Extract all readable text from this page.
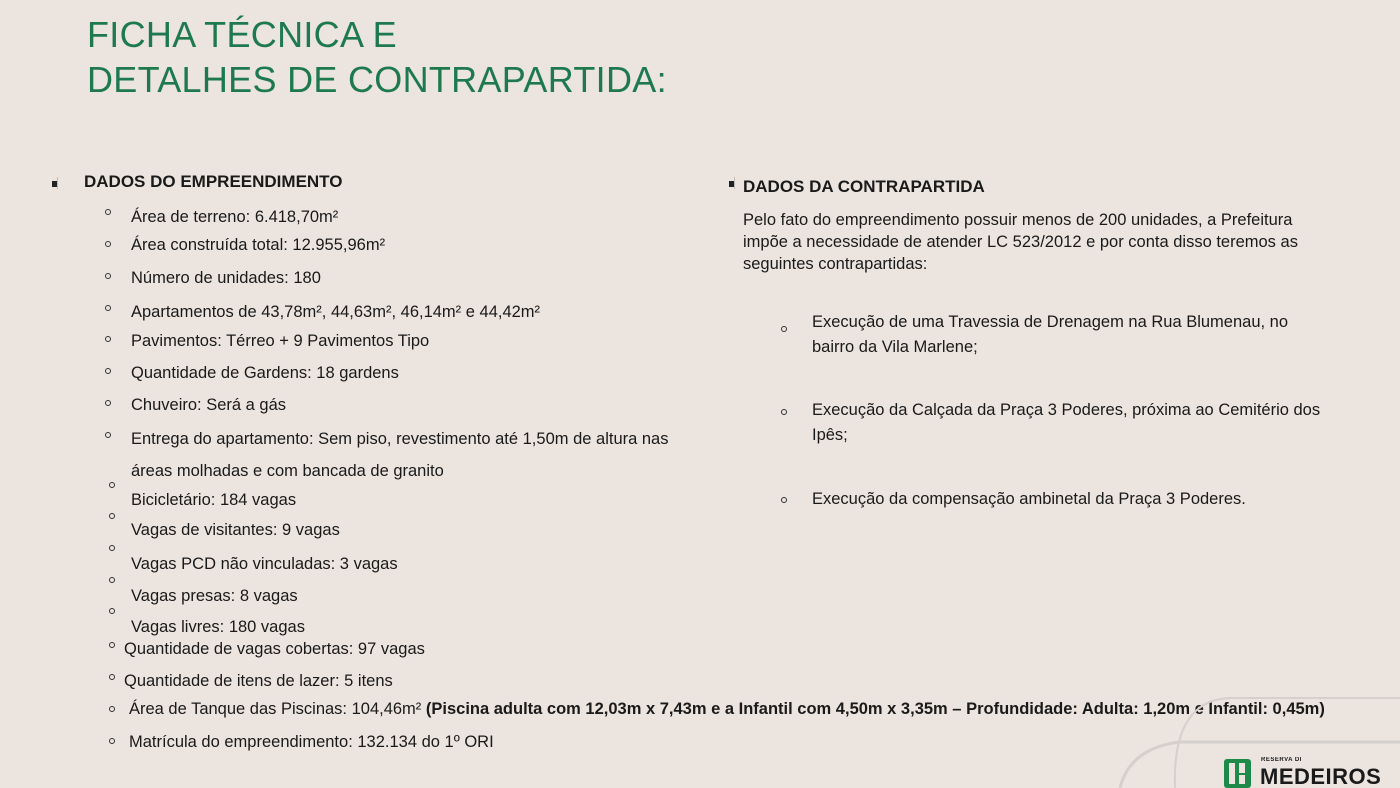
FICHA TÉCNICA E
DETALHES DE CONTRAPARTIDA:
DADOS DO EMPREENDIMENTO
Área de terreno: 6.418,70m²
Área construída total: 12.955,96m²
Número de unidades: 180
Apartamentos de 43,78m², 44,63m², 46,14m² e 44,42m²
Pavimentos: Térreo + 9 Pavimentos Tipo
Quantidade de Gardens: 18 gardens
Chuveiro: Será a gás
Entrega do apartamento: Sem piso, revestimento até 1,50m de altura nas
áreas molhadas e com bancada de granito
Bicicletário: 184 vagas
Vagas de visitantes: 9 vagas
Vagas PCD não vinculadas: 3 vagas
Vagas presas: 8 vagas
Vagas livres: 180 vagas
Quantidade de vagas cobertas: 97 vagas
Quantidade de itens de lazer: 5 itens
Área de Tanque das Piscinas: 104,46m² (Piscina adulta com 12,03m x 7,43m e a Infantil com 4,50m x 3,35m – Profundidade: Adulta: 1,20m e Infantil: 0,45m)
Matrícula do empreendimento: 132.134 do 1º ORI
DADOS DA CONTRAPARTIDA
Pelo fato do empreendimento possuir menos de 200 unidades, a Prefeitura impõe a necessidade de atender LC 523/2012 e por conta disso teremos as seguintes contrapartidas:
Execução de uma Travessia de Drenagem na Rua Blumenau, no
bairro da Vila Marlene;
Execução da Calçada da Praça 3 Poderes, próxima ao Cemitério dos
Ipês;
Execução da compensação ambinetal da Praça 3 Poderes.
RESERVA DI
MEDEIROS
